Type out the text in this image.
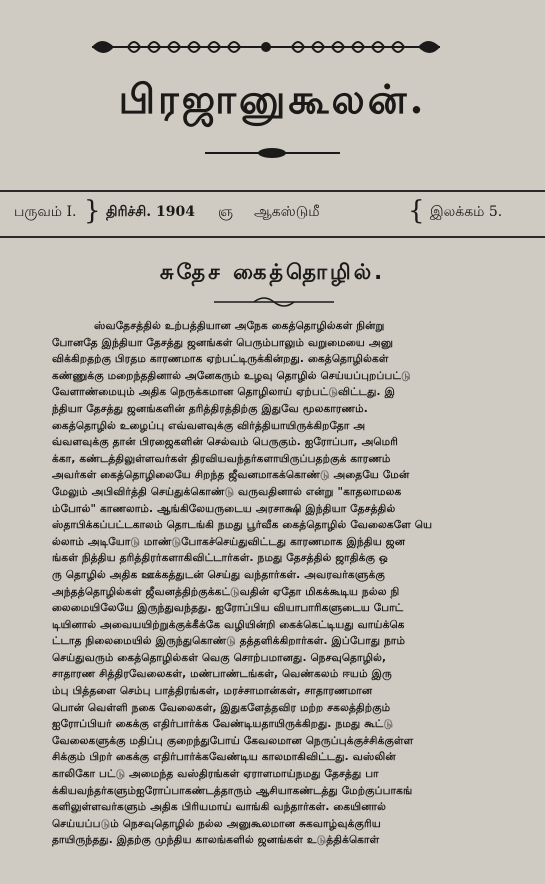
பிரஜானுகூலன்.
பருவம் I. } திரிச்சி. 1904 ஞ ஆகஸ்டுமீ	{ இலக்கம் 5.
சுதேச கைத்தொழில்.
ஸ்வதேசத்தில் உற்பத்தியான அநேக கைத்தொழில்கள் நின்று
போனதே இந்தியா தேசத்து ஜனங்கள் பெரும்பாலும் வறுமையை அனு
விக்கிறதற்கு பிரதம காரணமாக ஏற்பட்டிருக்கின்றது. கைத்தொழில்கள்
கண்ணுக்கு மறைந்ததினால் அனேகரும் உழவு தொழில் செய்யப்புறப்பட்டு
வேளாண்மையும் அதிக நெருக்கமான தொழிலாய் ஏற்பட்டுவிட்டது. இ
ந்தியா தேசத்து ஜனங்களின் தரித்திரத்திற்கு இதுவே மூலகாரணம்.
கைத்தொழில் உழைப்பு எவ்வளவுக்கு விர்த்தியாயிருக்கிறதோ அ
வ்வளவுக்கு தான் பிரஜைகளின் செல்வம் பெருகும். ஐரோப்பா, அமெரி
க்கா, கண்டத்திலுள்ளவர்கள் திரவியவந்தர்களாயிருப்பதற்குக் காரணம்
அவர்கள் கைத்தொழிலையே சிறந்த ஜீவனமாகக்கொண்டு அதையே மேன்
மேலும் அபிவிர்த்தி செய்துக்கொண்டு வருவதினால் என்று "காதலாமலக
ம்போல்" காணலாம். ஆங்கிலேயருடைய அரசாக்ஷி இந்தியா தேசத்தில்
ஸ்தாபிக்கப்பட்டகாலம் தொடங்கி நமது பூர்வீக கைத்தொழில் வேலைகளே யெ
ல்லாம் அடியோடு மாண்டுபோகச்செய்துவிட்டது காரணமாக இந்திய ஜன
ங்கள் நித்திய தரித்திரர்களாகிவிட்டார்கள். நமது தேசத்தில் ஜாதிக்கு ஒ
ரு தொழில் அதிக ஊக்கத்துடன் செய்து வந்தார்கள். அவரவர்களுக்கு
அந்தத்தொழில்கள் ஜீவனத்திற்குக்கட்டுவதின் ஏதோ மிகக்கூடிய நல்ல நி
லைமையிலேயே இருந்துவந்தது. ஐரோப்பிய வியாபாரிகளுடைய போட்
டியினால் அவையயிற்றுக்குக்கீக்கே வழியின்றி கைக்கெட்டியது வாய்க்கெ
ட்டாத நிலைமையில் இருந்துகொண்டு தத்தளிக்கிறார்கள். இப்போது நாம்
செய்துவரும் கைத்தொழில்கள் வெகு சொற்பமானது. நெசவுதொழில்,
சாதாரண சித்திரவேலைகள், மண்பாண்டங்கள், வெண்கலம் ஈயம் இரு
ம்பு பித்தளை செம்பு பாத்திரங்கள், மரச்சாமான்கள், சாதாரணமான
பொன் வெள்ளி நகை வேலைகள், இதுகளேத்தவிர மற்ற சகலத்திற்கும்
ஐரோப்பியர் கைக்கு எதிர்பார்க்க வேண்டியதாயிருக்கிறது. நமது கூட்டு
வேலைகளுக்கு மதிப்பு குறைந்துபோய் கேவலமான நெருப்புக்குச்சிக்குள்ள
சிக்கும் பிறர் கைக்கு எதிர்பார்க்கவேண்டிய காலமாகிவிட்டது. வஸ்லின்
காலிகோ பட்டு அமைந்த வஸ்திரங்கள் ஏராளமாய்நமது தேசத்து பா
க்கியவந்தர்களும்ஐரோப்பாகண்டத்தாரும் ஆசியாகண்டத்து மேற்குப்பாகங்
களிலுள்ளவர்களும் அதிக பிரியமாய் வாங்கி வந்தார்கள். கையினால்
செய்யப்படும் நெசவுதொழில் நல்ல அனுகூலமான சுகவாழ்வுக்குரிய
தாயிருந்தது. இதற்கு முந்திய காலங்களில் ஜனங்கள் உடுத்திக்கொள்
